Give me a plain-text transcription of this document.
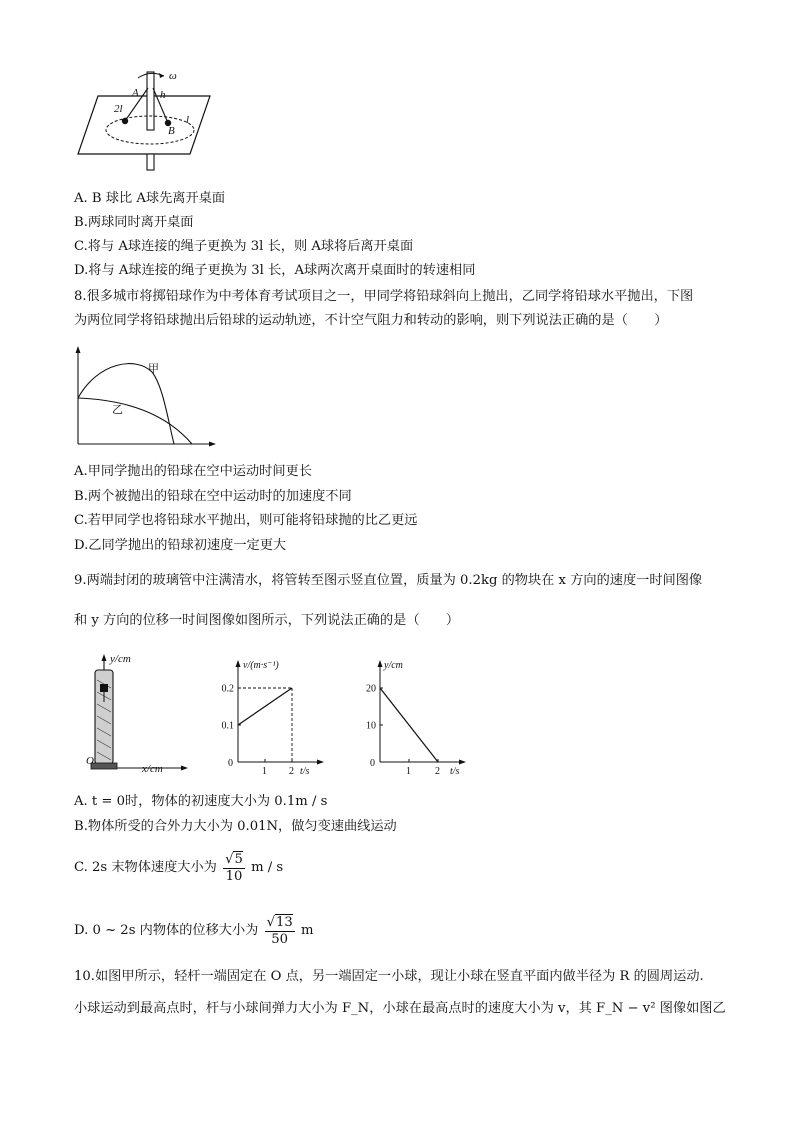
ω
A h
2l
B
l
A. B 球比 A球先离开桌面
B.两球同时离开桌面
C.将与 A球连接的绳子更换为 3l 长，则 A球将后离开桌面
D.将与 A球连接的绳子更换为 3l 长，A球两次离开桌面时的转速相同
8.很多城市将掷铅球作为中考体育考试项目之一，甲同学将铅球斜向上抛出，乙同学将铅球水平抛出，下图
为两位同学将铅球抛出后铅球的运动轨迹，不计空气阻力和转动的影响，则下列说法正确的是（　　）
甲
乙
A.甲同学抛出的铅球在空中运动时间更长
B.两个被抛出的铅球在空中运动时的加速度不同
C.若甲同学也将铅球水平抛出，则可能将铅球抛的比乙更远
D.乙同学抛出的铅球初速度一定更大
9.两端封闭的玻璃管中注满清水，将管转至图示竖直位置，质量为 0.2kg 的物块在 x 方向的速度一时间图像
和 y 方向的位移一时间图像如图所示，下列说法正确的是（　　）
y/cm
O
x/cm
v/(m·s⁻¹)
t/s
0
1 2
0.1
0.2
y/cm
t/s
0
1 2
10
20
A. t = 0时，物体的初速度大小为 0.1m / s
B.物体所受的合外力大小为 0.01N，做匀变速曲线运动
C. 2s 末物体速度大小为 $\frac{√5}{10}$ m / s
D. 0 ~ 2s 内物体的位移大小为 $\frac{√13}{50}$ m
10.如图甲所示，轻杆一端固定在 O 点，另一端固定一小球，现让小球在竖直平面内做半径为 R 的圆周运动.
小球运动到最高点时，杆与小球间弹力大小为 F_N，小球在最高点时的速度大小为 v，其 F_N − v² 图像如图乙
